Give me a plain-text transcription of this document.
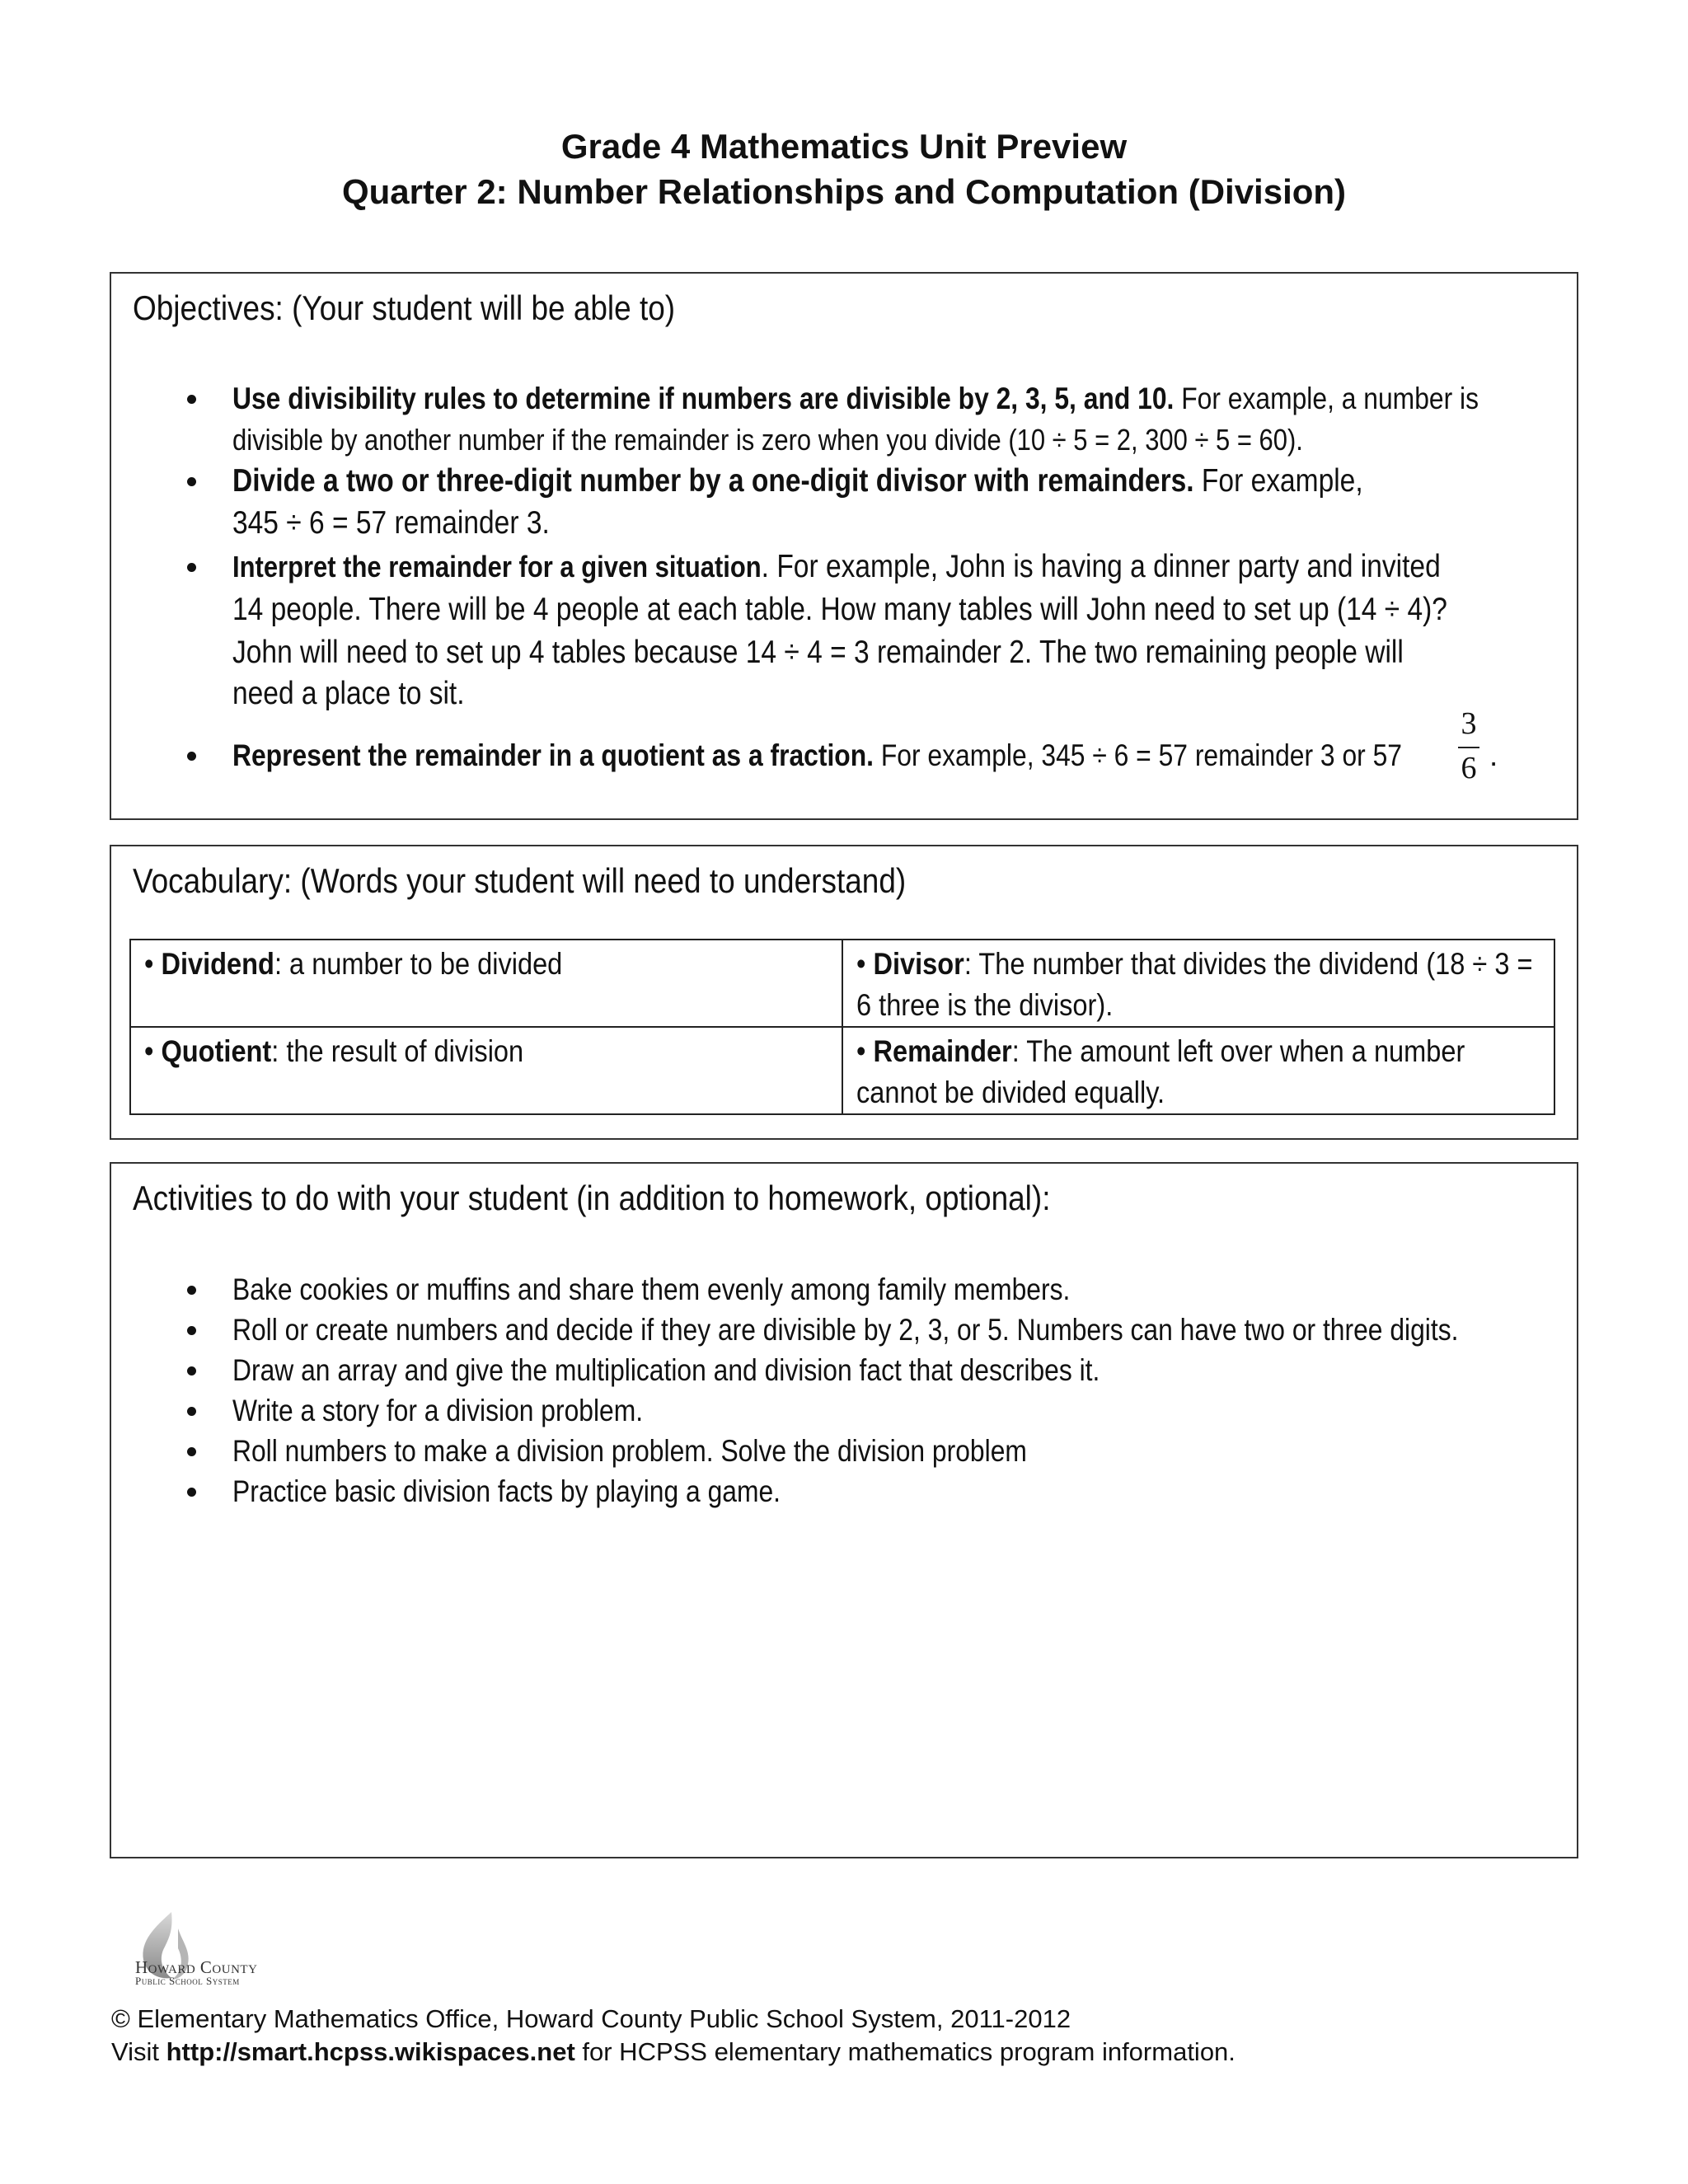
Grade 4 Mathematics Unit Preview
Quarter 2: Number Relationships and Computation (Division)
Objectives: (Your student will be able to)
Use divisibility rules to determine if numbers are divisible by 2, 3, 5, and 10. For example, a number is
divisible by another number if the remainder is zero when you divide (10 ÷ 5 = 2, 300 ÷ 5 = 60).
Divide a two or three-digit number by a one-digit divisor with remainders. For example,
345 ÷ 6 = 57 remainder 3.
Interpret the remainder for a given situation. For example, John is having a dinner party and invited
14 people. There will be 4 people at each table. How many tables will John need to set up (14 ÷ 4)?
John will need to set up 4 tables because 14 ÷ 4 = 3 remainder 2. The two remaining people will
need a place to sit.
Represent the remainder in a quotient as a fraction. For example, 345 ÷ 6 = 57 remainder 3 or 57
3
6 .
Vocabulary: (Words your student will need to understand)
• Dividend: a number to be divided	• Divisor: The number that divides the dividend (18 ÷ 3 = 6 three is the divisor).

• Quotient: the result of division	• Remainder: The amount left over when a number cannot be divided equally.
Activities to do with your student (in addition to homework, optional):
Bake cookies or muffins and share them evenly among family members.
Roll or create numbers and decide if they are divisible by 2, 3, or 5. Numbers can have two or three digits.
Draw an array and give the multiplication and division fact that describes it.
Write a story for a division problem.
Roll numbers to make a division problem. Solve the division problem
Practice basic division facts by playing a game.
Howard County
Public School System
© Elementary Mathematics Office, Howard County Public School System, 2011-2012
Visit http://smart.hcpss.wikispaces.net for HCPSS elementary mathematics program information.
